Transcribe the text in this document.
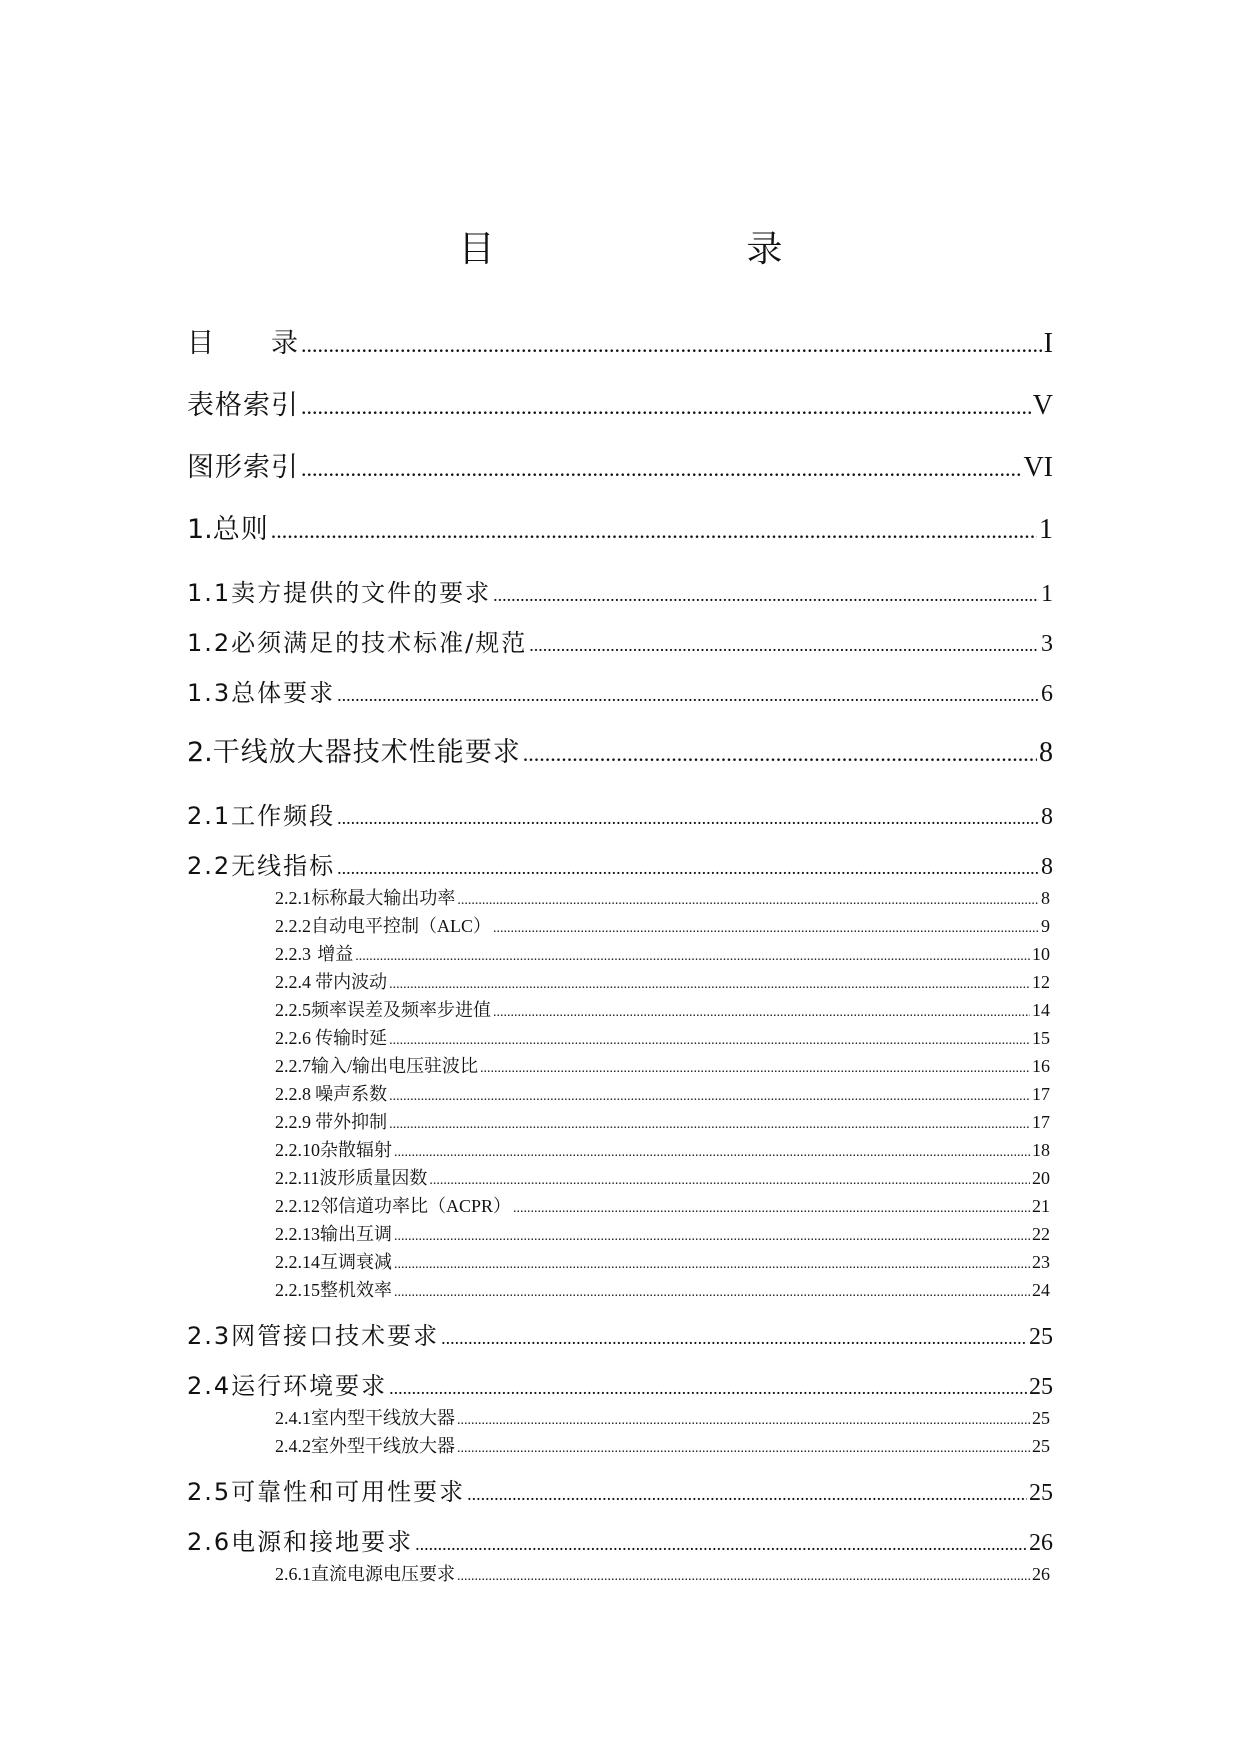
目　　录
目　　录 .....	I
表格索引 .....	V
图形索引 .....	VI
1. 总则 .....	1
1.1 卖方提供的文件的要求 .....	1
1.2 必须满足的技术标准/规范 .....	3
1.3 总体要求 .....	6
2. 干线放大器技术性能要求 .....	8
2.1 工作频段 .....	8
2.2 无线指标 .....	8
2.2.1 标称最大输出功率 .....	8
2.2.2 自动电平控制（ALC） .....	9
2.2.3 增益 .....	10
2.2.4 带内波动 .....	12
2.2.5 频率误差及频率步进值 .....	14
2.2.6 传输时延 .....	15
2.2.7 输入/输出电压驻波比 .....	16
2.2.8 噪声系数 .....	17
2.2.9 带外抑制 .....	17
2.2.10 杂散辐射 .....	18
2.2.11 波形质量因数 .....	20
2.2.12 邻信道功率比（ACPR） .....	21
2.2.13 输出互调 .....	22
2.2.14 互调衰减 .....	23
2.2.15 整机效率 .....	24
2.3 网管接口技术要求 .....	25
2.4 运行环境要求 .....	25
2.4.1 室内型干线放大器 .....	25
2.4.2 室外型干线放大器 .....	25
2.5 可靠性和可用性要求 .....	25
2.6 电源和接地要求 .....	26
2.6.1 直流电源电压要求 .....	26
